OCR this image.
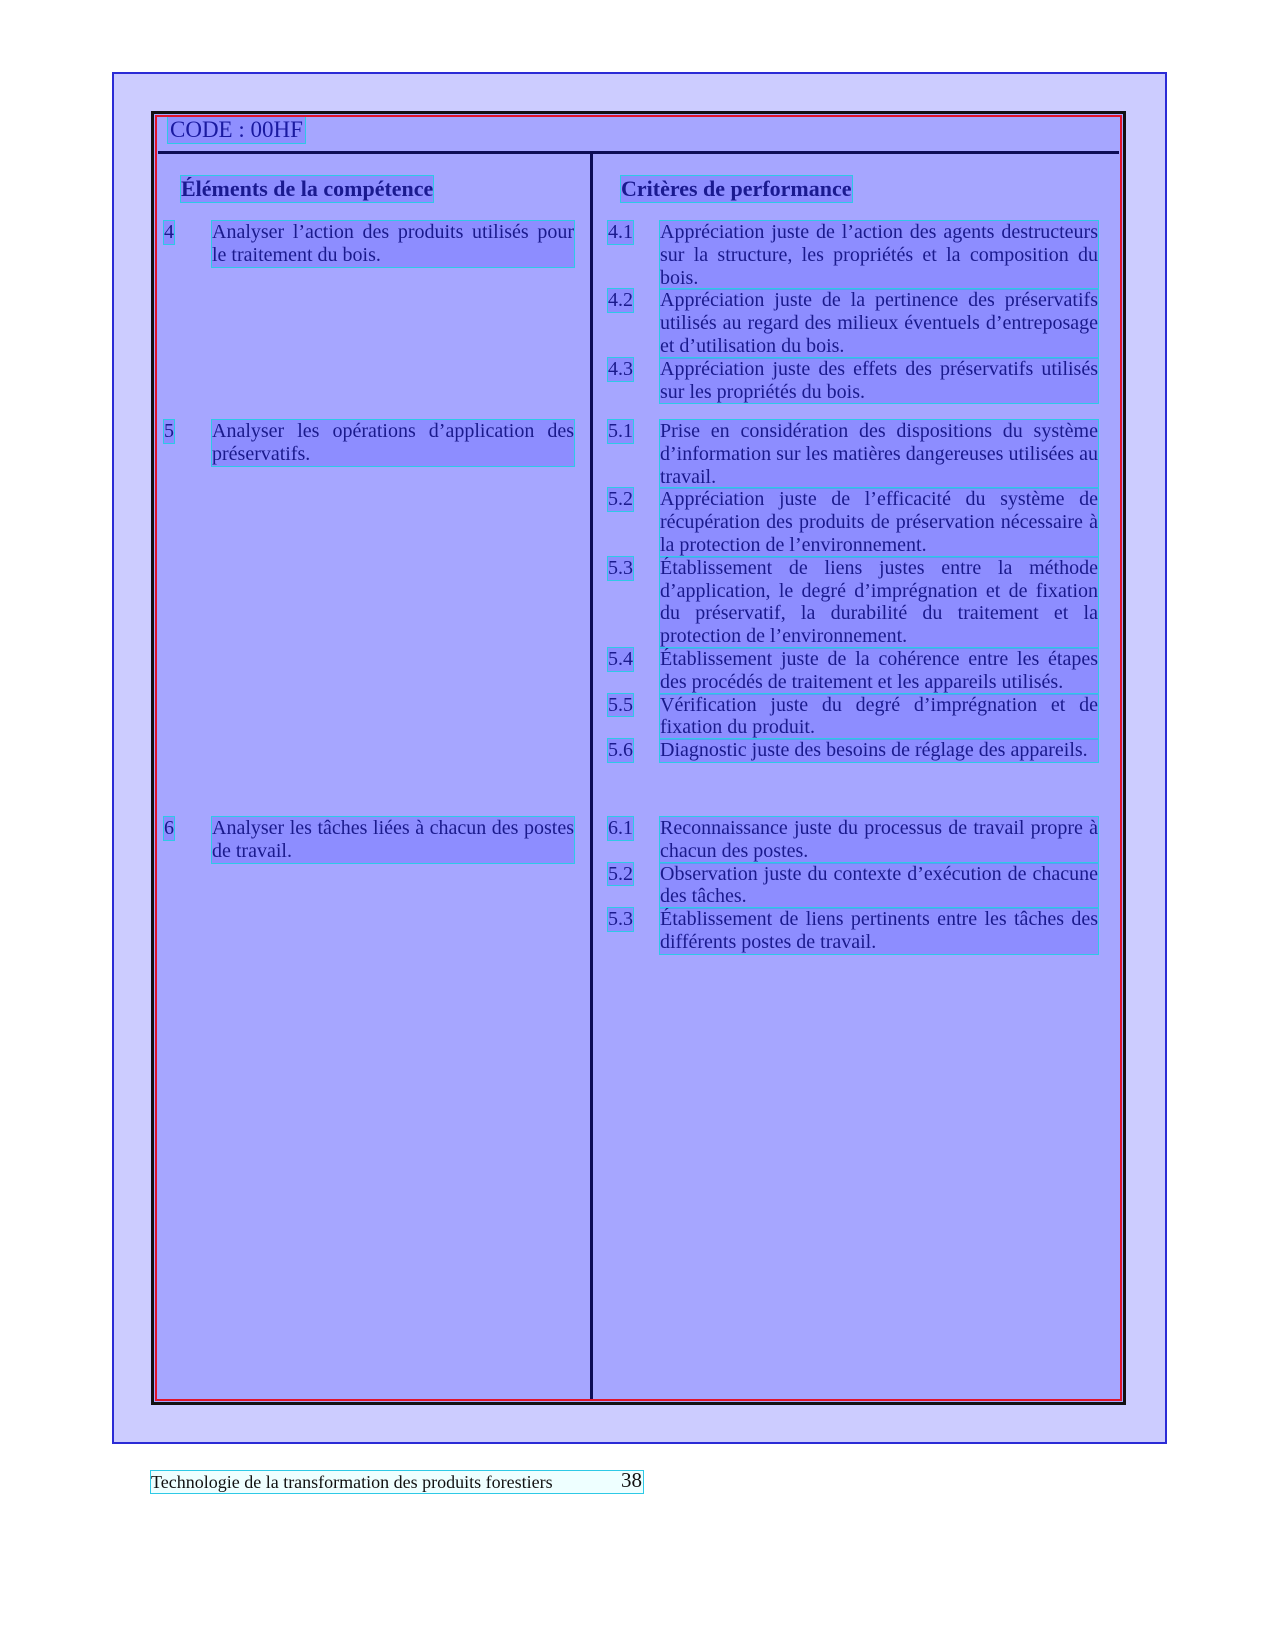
CODE : 00HF
Éléments de la compétence	Critères de performance
4 Analyser l’action des produits utilisés pour le traitement du bois.
5 Analyser les opérations d’application des préservatifs.
6 Analyser les tâches liées à chacun des postes de travail.
4.1 Appréciation juste de l’action des agents destructeurs sur la structure, les propriétés et la composition du bois.
4.2 Appréciation juste de la pertinence des préservatifs utilisés au regard des milieux éventuels d’entreposage et d’utilisation du bois.
4.3 Appréciation juste des effets des préservatifs utilisés sur les propriétés du bois.
5.1 Prise en considération des dispositions du système d’information sur les matières dangereuses utilisées au travail.
5.2 Appréciation juste de l’efficacité du système de récupération des produits de préservation nécessaire à la protection de l’environnement.
5.3 Établissement de liens justes entre la méthode d’application, le degré d’imprégnation et de fixation du préservatif, la durabilité du traitement et la protection de l’environnement.
5.4 Établissement juste de la cohérence entre les étapes des procédés de traitement et les appareils utilisés.
5.5 Vérification juste du degré d’imprégnation et de fixation du produit.
5.6 Diagnostic juste des besoins de réglage des appareils.
6.1 Reconnaissance juste du processus de travail propre à chacun des postes.
5.2 Observation juste du contexte d’exécution de chacune des tâches.
5.3 Établissement de liens pertinents entre les tâches des différents postes de travail.
Technologie de la transformation des produits forestiers	38
